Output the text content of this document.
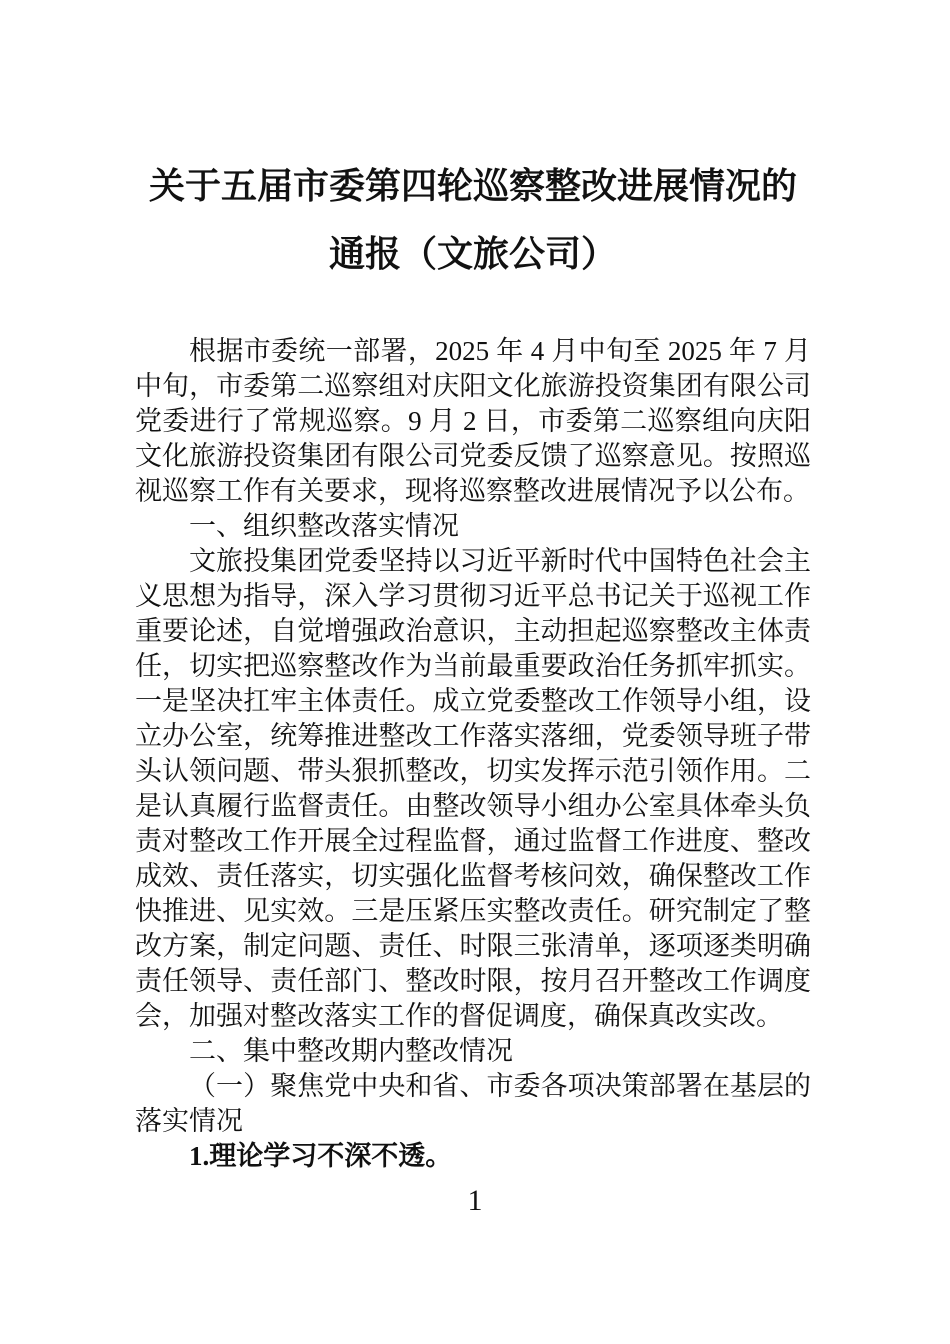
关于五届市委第四轮巡察整改进展情况的
通报（文旅公司）

根据市委统一部署，2025 年 4 月中旬至 2025 年 7 月中旬，市委第二巡察组对庆阳文化旅游投资集团有限公司党委进行了常规巡察。9 月 2 日，市委第二巡察组向庆阳文化旅游投资集团有限公司党委反馈了巡察意见。按照巡视巡察工作有关要求，现将巡察整改进展情况予以公布。

一、组织整改落实情况

文旅投集团党委坚持以习近平新时代中国特色社会主义思想为指导，深入学习贯彻习近平总书记关于巡视工作重要论述，自觉增强政治意识，主动担起巡察整改主体责任，切实把巡察整改作为当前最重要政治任务抓牢抓实。一是坚决扛牢主体责任。成立党委整改工作领导小组，设立办公室，统筹推进整改工作落实落细，党委领导班子带头认领问题、带头狠抓整改，切实发挥示范引领作用。二是认真履行监督责任。由整改领导小组办公室具体牵头负责对整改工作开展全过程监督，通过监督工作进度、整改成效、责任落实，切实强化监督考核问效，确保整改工作快推进、见实效。三是压紧压实整改责任。研究制定了整改方案，制定问题、责任、时限三张清单，逐项逐类明确责任领导、责任部门、整改时限，按月召开整改工作调度会，加强对整改落实工作的督促调度，确保真改实改。

二、集中整改期内整改情况

（一）聚焦党中央和省、市委各项决策部署在基层的落实情况

1.理论学习不深不透。

1
